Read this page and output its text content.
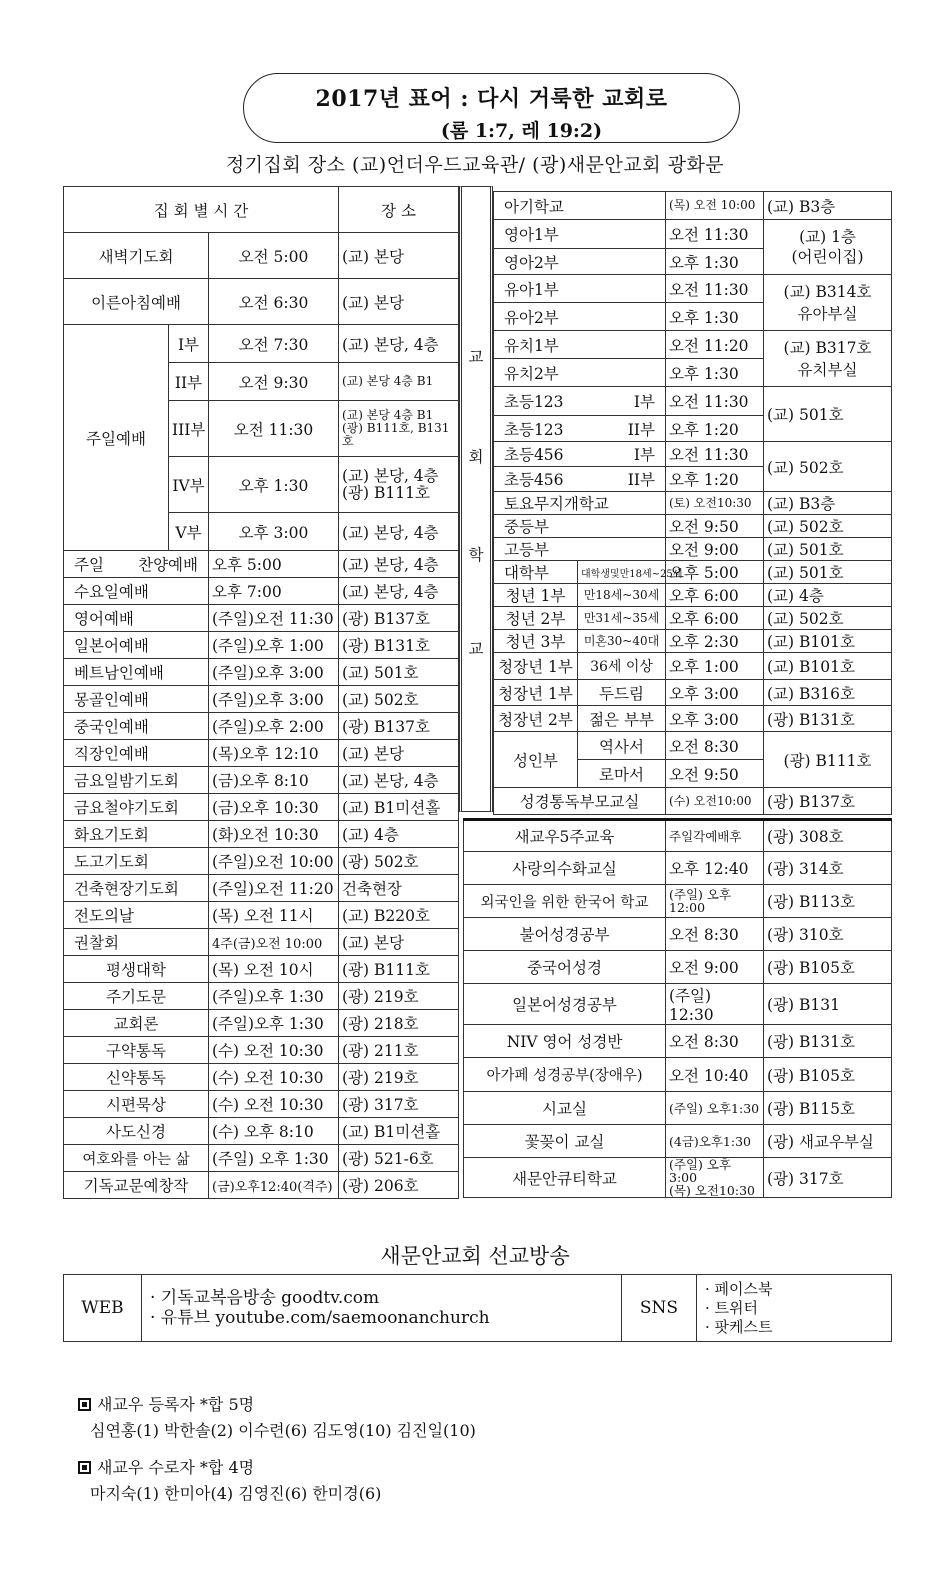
2017년 표어 : 다시 거룩한 교회로
(롬 1:7, 레 19:2)
정기집회 장소 (교)언더우드교육관/ (광)새문안교회 광화문
집 회 별 시 간			장 소
새벽기도회		오전 5:00	(교) 본당
이른아침예배		오전 6:30	(교) 본당
주일예배	I부	오전 7:30	(교) 본당, 4층
	II부	오전 9:30	(교) 본당 4층 B1
	III부	오전 11:30	(교) 본당 4층 B1
(광) B111호, B131호
	IV부	오후 1:30	(교) 본당, 4층
(광) B111호
	V부	오후 3:00	(교) 본당, 4층
주일 찬양예배		오후 5:00	(교) 본당, 4층
수요일예배		오후 7:00	(교) 본당, 4층
영어예배		(주일)오전 11:30	(광) B137호
일본어예배		(주일)오후 1:00	(광) B131호
베트남인예배		(주일)오후 3:00	(교) 501호
몽골인예배		(주일)오후 3:00	(교) 502호
중국인예배		(주일)오후 2:00	(광) B137호
직장인예배		(목)오후 12:10	(교) 본당
금요일밤기도회		(금)오후 8:10	(교) 본당, 4층
금요철야기도회		(금)오후 10:30	(교) B1미션홀
화요기도회		(화)오전 10:30	(교) 4층
도고기도회		(주일)오전 10:00	(광) 502호
건축현장기도회		(주일)오전 11:20	건축현장
전도의날		(목) 오전 11시	(교) B220호
권찰회		4주(금)오전 10:00	(교) 본당
평생대학		(목) 오전 10시	(광) B111호
주기도문		(주일)오후 1:30	(광) 219호
교회론		(주일)오후 1:30	(광) 218호
구약통독		(수) 오전 10:30	(광) 211호
신약통독		(수) 오전 10:30	(광) 219호
시편묵상		(수) 오전 10:30	(광) 317호
사도신경		(수) 오후 8:10	(교) B1미션홀
여호와를 아는 삶		(주일) 오후 1:30	(광) 521-6호
기독교문예창작		(금)오후12:40(격주)	(광) 206호
교
회
학
교
아기학교		(목) 오전 10:00	(교) B3층
영아1부		오전 11:30	(교) 1층
(어린이집)
영아2부		오후 1:30	
유아1부		오전 11:30	(교) B314호
유아부실
유아2부		오후 1:30	
유치1부		오전 11:20	(교) B317호
유치부실
유치2부		오후 1:30	
초등123 I부		오전 11:30	(교) 501호
초등123 II부		오후 1:20	
초등456 I부		오전 11:30	(교) 502호
초등456 II부		오후 1:20	
토요무지개학교		(토) 오전10:30	(교) B3층
중등부		오전 9:50	(교) 502호
고등부		오전 9:00	(교) 501호
대학부	대학생및만18세~25세	오후 5:00	(교) 501호
청년 1부	만18세~30세	오후 6:00	(교) 4층
청년 2부	만31세~35세	오후 6:00	(교) 502호
청년 3부	미혼30~40대	오후 2:30	(교) B101호
청장년 1부	36세 이상	오후 1:00	(교) B101호
청장년 1부	두드림	오후 3:00	(교) B316호
청장년 2부	젊은 부부	오후 3:00	(광) B131호
성인부	역사서	오전 8:30	(광) B111호
	로마서	오전 9:50	
성경통독부모교실		(수) 오전10:00	(광) B137호
새교우5주교육	주일각예배후	(광) 308호
사랑의수화교실	오후 12:40	(광) 314호
외국인을 위한 한국어 학교	(주일) 오후 12:00	(광) B113호
불어성경공부	오전 8:30	(광) 310호
중국어성경	오전 9:00	(광) B105호
일본어성경공부	(주일) 12:30	(광) B131
NIV 영어 성경반	오전 8:30	(광) B131호
아가페 성경공부(장애우)	오전 10:40	(광) B105호
시교실	(주일) 오후1:30	(광) B115호
꽃꽂이 교실	(4금)오후1:30	(광) 새교우부실
새문안큐티학교	(주일) 오후 3:00
(목) 오전10:30	(광) 317호
새문안교회 선교방송
WEB	· 기독교복음방송 goodtv.com
· 유튜브 youtube.com/saemoonanchurch	SNS	
· 페이스북
· 트위터
· 팟케스트
새교우 등록자 *합 5명
심연홍(1) 박한솔(2) 이수련(6) 김도영(10) 김진일(10)
새교우 수로자 *합 4명
마지숙(1) 한미아(4) 김영진(6) 한미경(6)
